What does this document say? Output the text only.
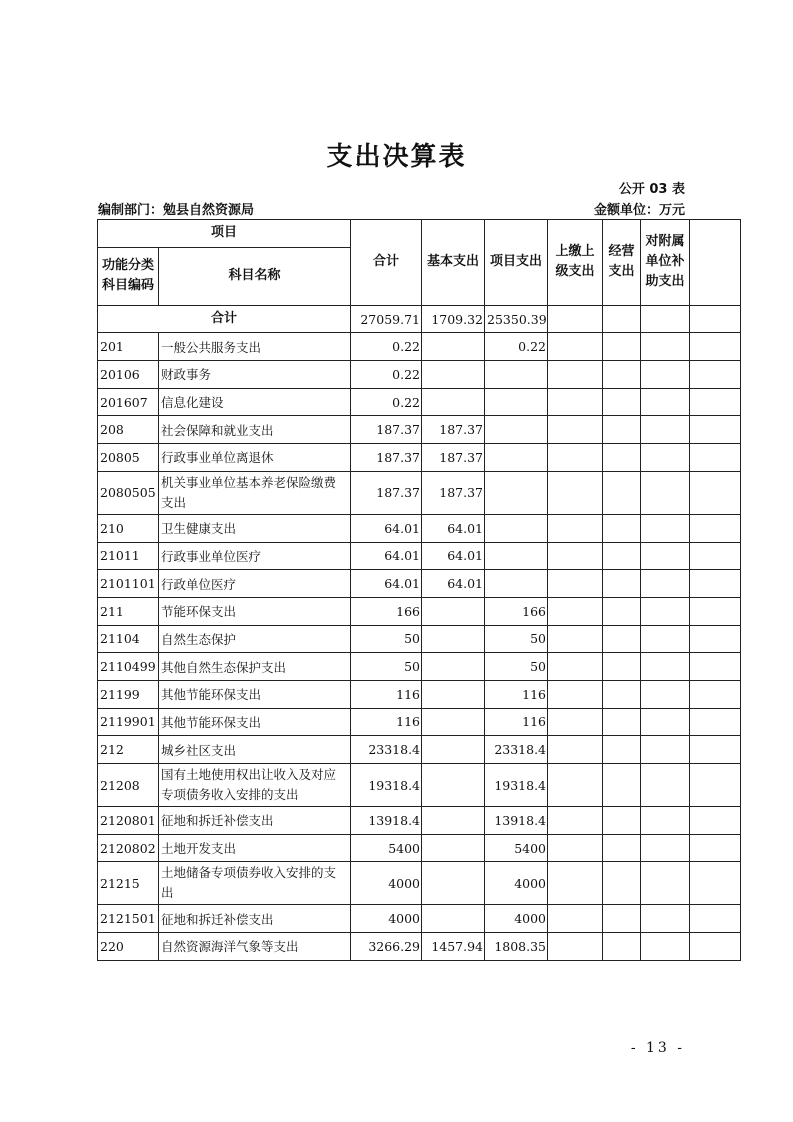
支出决算表
公开 03 表
编制部门：勉县自然资源局	金额单位：万元
项目		合计	基本支出	项目支出	上缴上级支出	经营支出	对附属单位补助支出	
功能分类科目编码	科目名称							
合计		27059.71	1709.32	25350.39				
201	一般公共服务支出	0.22		0.22				
20106	财政事务	0.22						
201607	信息化建设	0.22						
208	社会保障和就业支出	187.37	187.37					
20805	行政事业单位离退休	187.37	187.37					
2080505	机关事业单位基本养老保险缴费支出	187.37	187.37					
210	卫生健康支出	64.01	64.01					
21011	行政事业单位医疗	64.01	64.01					
2101101	行政单位医疗	64.01	64.01					
211	节能环保支出	166		166				
21104	自然生态保护	50		50				
2110499	其他自然生态保护支出	50		50				
21199	其他节能环保支出	116		116				
2119901	其他节能环保支出	116		116				
212	城乡社区支出	23318.4		23318.4				
21208	国有土地使用权出让收入及对应专项债务收入安排的支出	19318.4		19318.4				
2120801	征地和拆迁补偿支出	13918.4		13918.4				
2120802	土地开发支出	5400		5400				
21215	土地储备专项债券收入安排的支出	4000		4000				
2121501	征地和拆迁补偿支出	4000		4000				
220	自然资源海洋气象等支出	3266.29	1457.94	1808.35				
- 13 -
